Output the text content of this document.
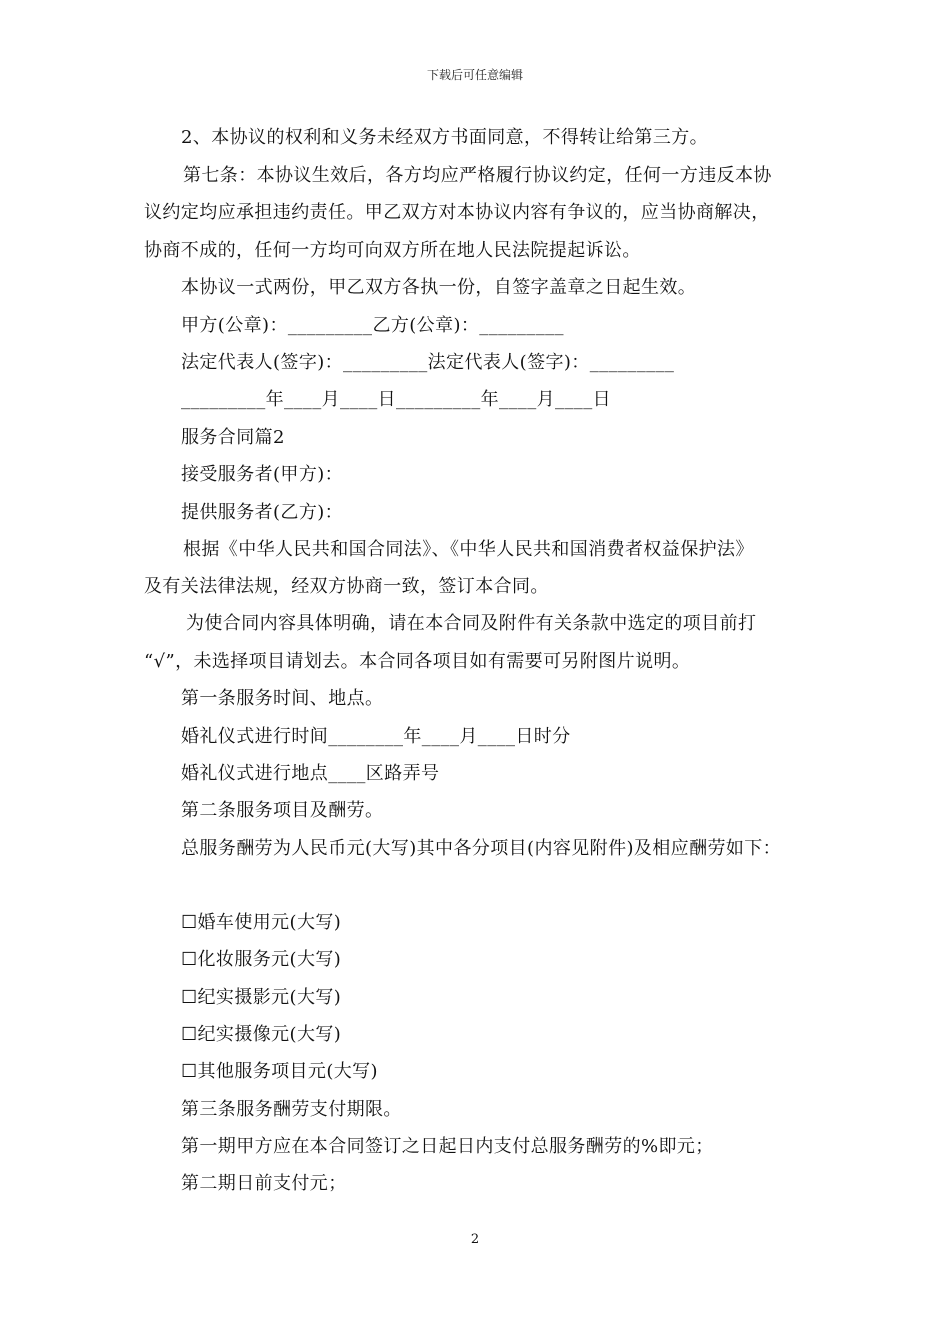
下载后可任意编辑
2、本协议的权利和义务未经双方书面同意，不得转让给第三方。
第七条：本协议生效后，各方均应严格履行协议约定，任何一方违反本协
议约定均应承担违约责任。甲乙双方对本协议内容有争议的，应当协商解决，
协商不成的，任何一方均可向双方所在地人民法院提起诉讼。
本协议一式两份，甲乙双方各执一份，自签字盖章之日起生效。
甲方(公章)：_________乙方(公章)：_________
法定代表人(签字)：_________法定代表人(签字)：_________
_________年____月____日_________年____月____日
服务合同篇2
接受服务者(甲方)：
提供服务者(乙方)：
根据《中华人民共和国合同法》、《中华人民共和国消费者权益保护法》
及有关法律法规，经双方协商一致，签订本合同。
为使合同内容具体明确，请在本合同及附件有关条款中选定的项目前打
“√”，未选择项目请划去。本合同各项目如有需要可另附图片说明。
第一条服务时间、地点。
婚礼仪式进行时间________年____月____日时分
婚礼仪式进行地点____区路弄号
第二条服务项目及酬劳。
总服务酬劳为人民币元(大写)其中各分项目(内容见附件)及相应酬劳如下：
☐婚车使用元(大写)
☐化妆服务元(大写)
☐纪实摄影元(大写)
☐纪实摄像元(大写)
☐其他服务项目元(大写)
第三条服务酬劳支付期限。
第一期甲方应在本合同签订之日起日内支付总服务酬劳的%即元；
第二期日前支付元；
2
